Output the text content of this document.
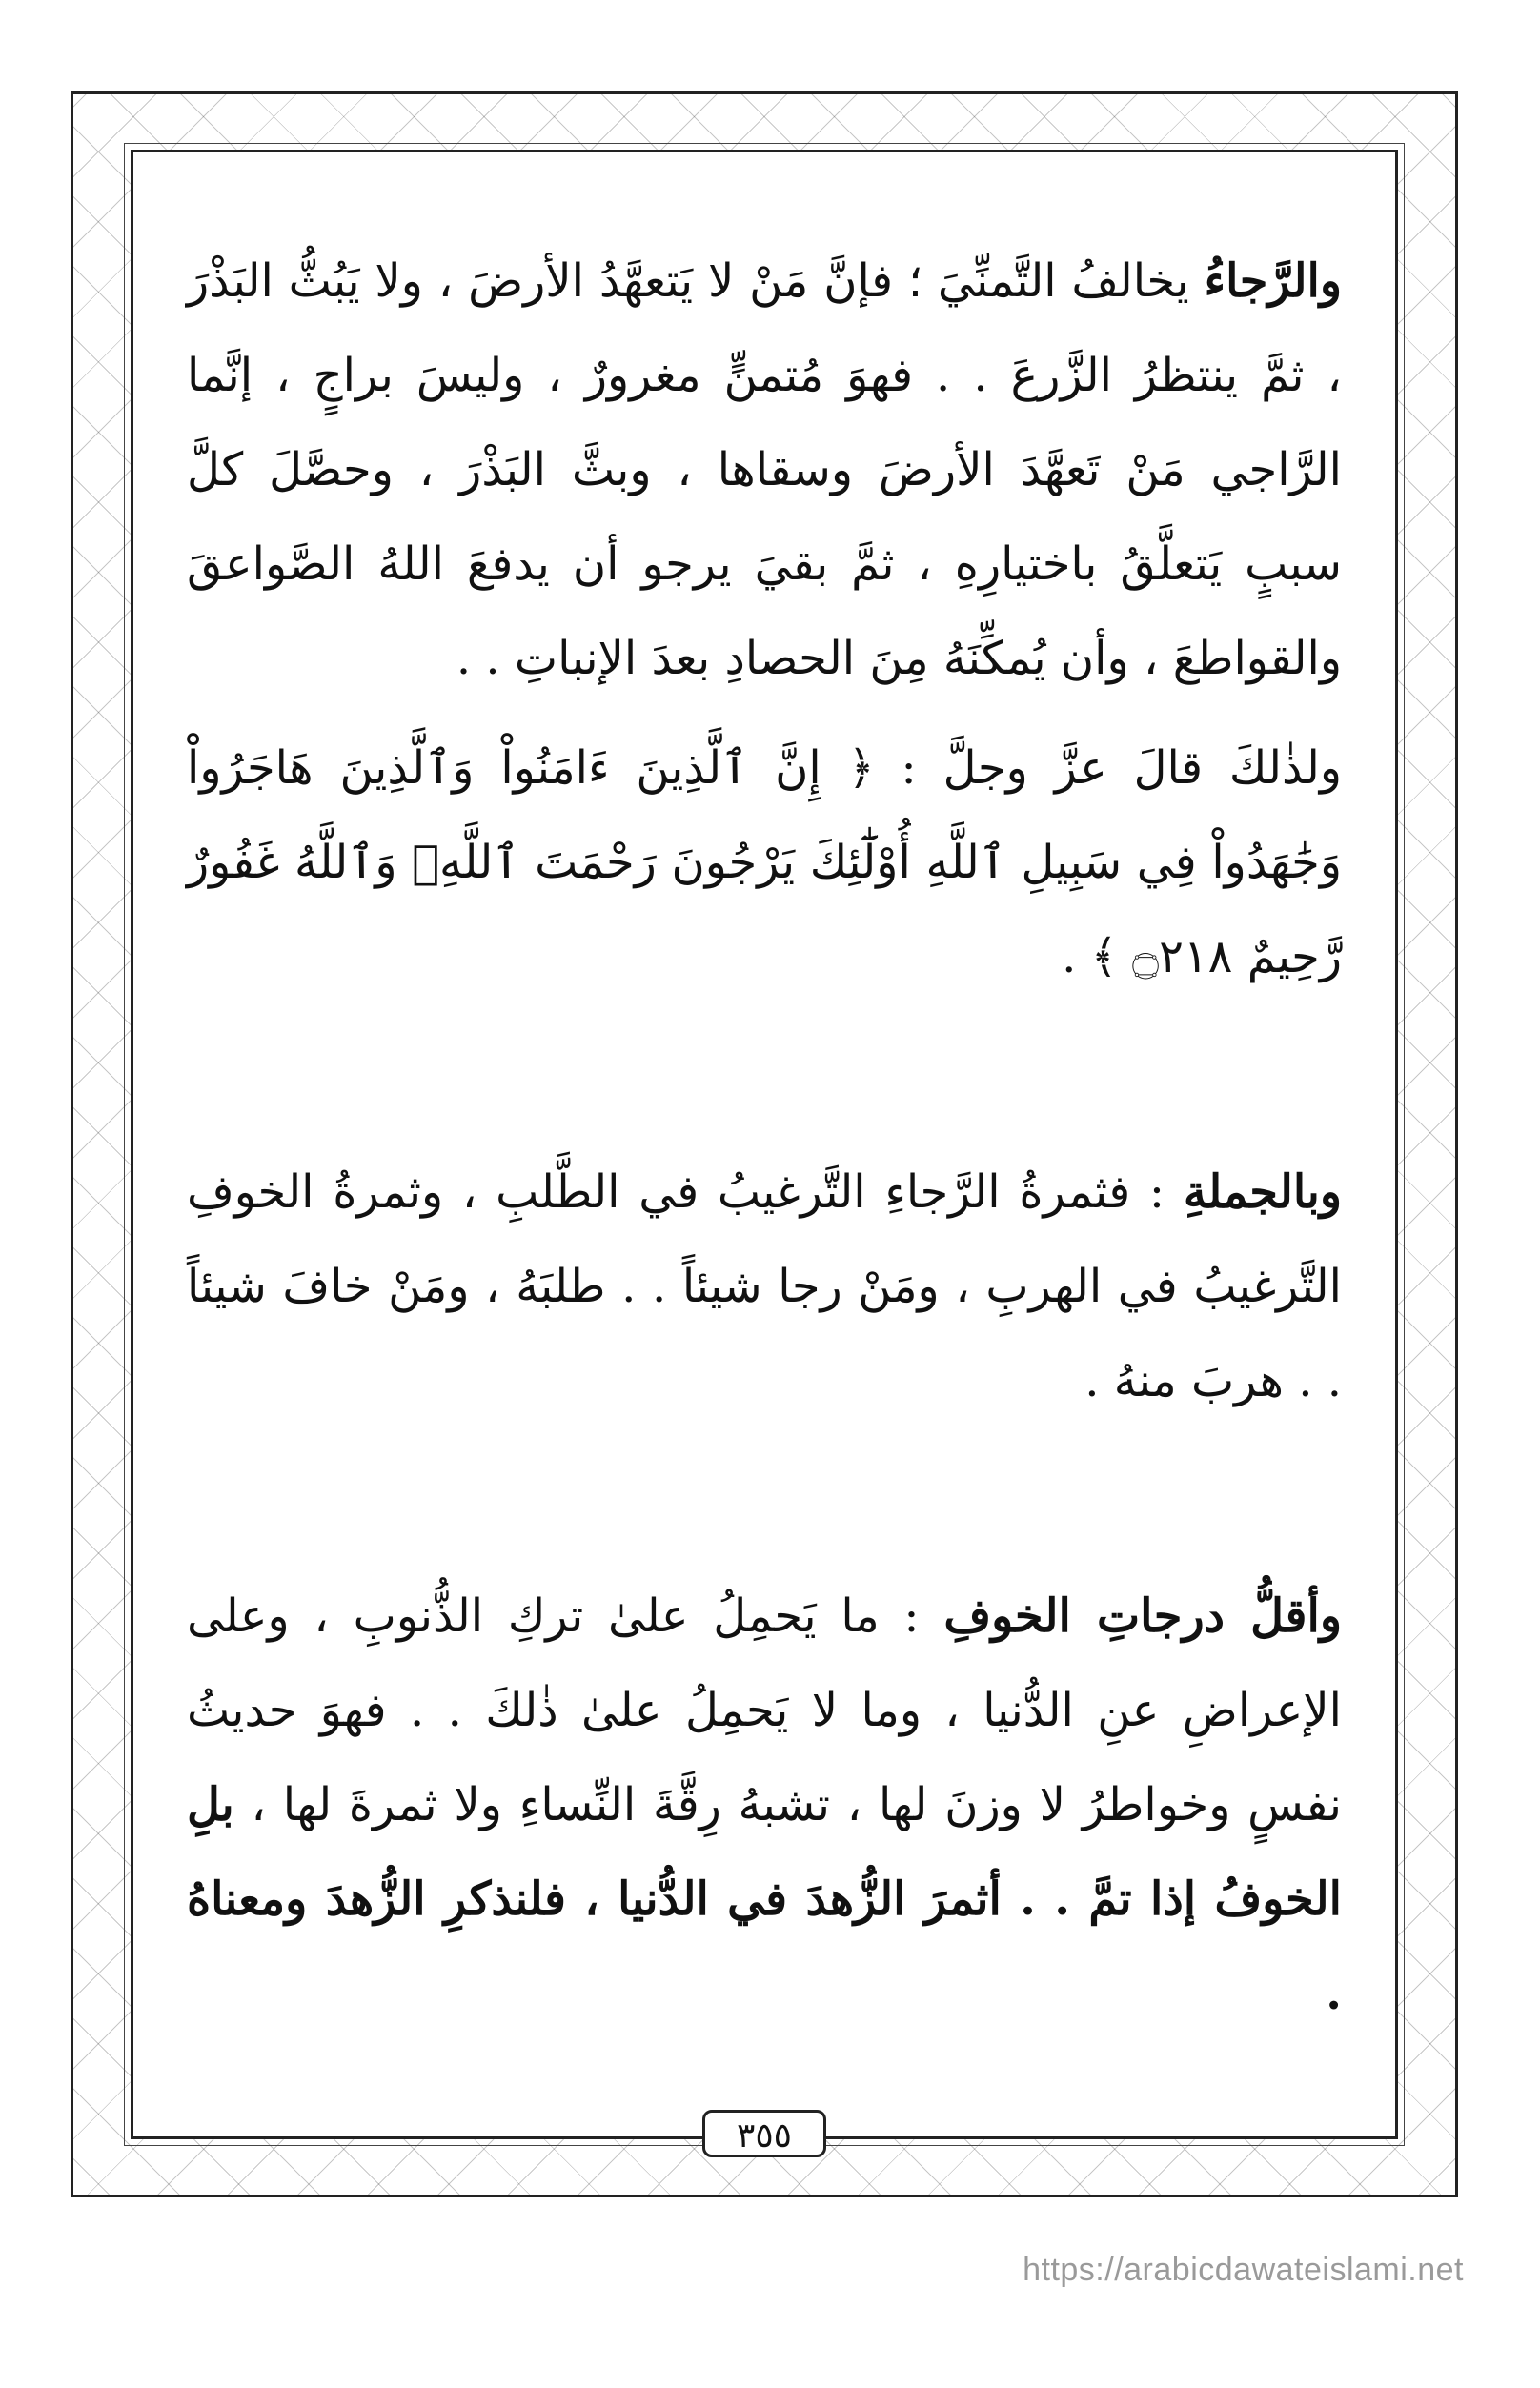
والرَّجاءُ يخالفُ التَّمنِّيَ ؛ فإنَّ مَنْ لا يَتعهَّدُ الأرضَ ، ولا يَبُثُّ البَذْرَ ، ثمَّ ينتظرُ الزَّرعَ . . فهوَ مُتمنٍّ مغرورٌ ، وليسَ براجٍ ، إنَّما الرَّاجي مَنْ تَعهَّدَ الأرضَ وسقاها ، وبثَّ البَذْرَ ، وحصَّلَ كلَّ سببٍ يَتعلَّقُ باختيارِهِ ، ثمَّ بقيَ يرجو أن يدفعَ اللهُ الصَّواعقَ والقواطعَ ، وأن يُمكِّنَهُ مِنَ الحصادِ بعدَ الإنباتِ . .

ولذٰلكَ قالَ عزَّ وجلَّ : ﴿ إِنَّ ٱلَّذِينَ ءَامَنُواْ وَٱلَّذِينَ هَاجَرُواْ وَجَٰهَدُواْ فِي سَبِيلِ ٱللَّهِ أُوْلَٰٓئِكَ يَرْجُونَ رَحْمَتَ ٱللَّهِۚ وَٱللَّهُ غَفُورٌ رَّحِيمٌ ۝٢١٨ ﴾ .

وبالجملةِ : فثمرةُ الرَّجاءِ التَّرغيبُ في الطَّلبِ ، وثمرةُ الخوفِ التَّرغيبُ في الهربِ ، ومَنْ رجا شيئاً . . طلبَهُ ، ومَنْ خافَ شيئاً . . هربَ منهُ .

وأقلُّ درجاتِ الخوفِ : ما يَحمِلُ علىٰ تركِ الذُّنوبِ ، وعلى الإعراضِ عنِ الدُّنيا ، وما لا يَحمِلُ علىٰ ذٰلكَ . . فهوَ حديثُ نفسٍ وخواطرُ لا وزنَ لها ، تشبهُ رِقَّةَ النِّساءِ ولا ثمرةَ لها ، بلِ الخوفُ إذا تمَّ . . أثمرَ الزُّهدَ في الدُّنيا ، فلنذكرِ الزُّهدَ ومعناهُ .

٣٥٥
https://arabicdawateislami.net
